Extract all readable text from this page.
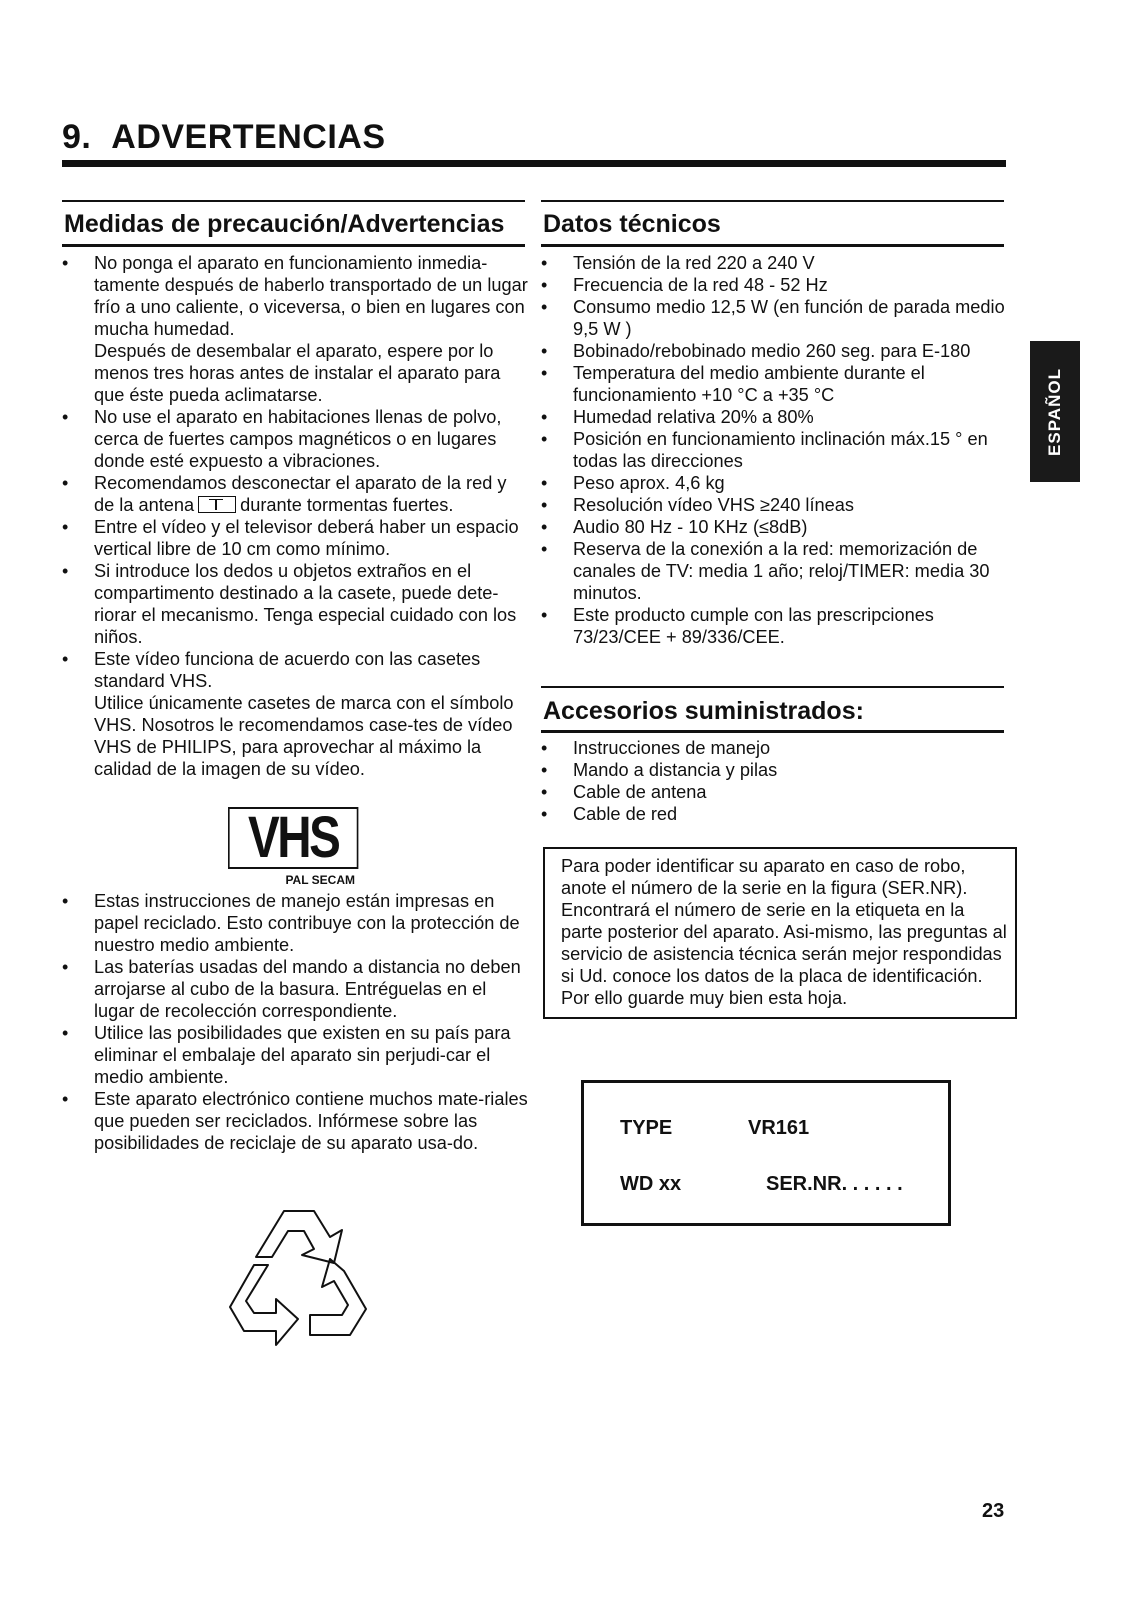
9. ADVERTENCIAS
ESPAÑOL
Medidas de precaución/Advertencias
• No ponga el aparato en funcionamiento inmedia-tamente después de haberlo transportado de un lugar frío a uno caliente, o viceversa, o bien en lugares con mucha humedad.
Después de desembalar el aparato, espere por lo menos tres horas antes de instalar el aparato para que éste pueda aclimatarse.
• No use el aparato en habitaciones llenas de polvo, cerca de fuertes campos magnéticos o en lugares donde esté expuesto a vibraciones.
• Recomendamos desconectar el aparato de la red y de la antena	durante tormentas fuertes.
• Entre el vídeo y el televisor deberá haber un espacio vertical libre de 10 cm como mínimo.
• Si introduce los dedos u objetos extraños en el compartimento destinado a la casete, puede dete-riorar el mecanismo. Tenga especial cuidado con los niños.
• Este vídeo funciona de acuerdo con las casetes standard VHS.
Utilice únicamente casetes de marca con el símbolo VHS. Nosotros le recomendamos case-tes de vídeo VHS de PHILIPS, para aprovechar al máximo la calidad de la imagen de su vídeo.
VHS
PAL SECAM
• Estas instrucciones de manejo están impresas en papel reciclado. Esto contribuye con la protección de nuestro medio ambiente.
• Las baterías usadas del mando a distancia no deben arrojarse al cubo de la basura. Entréguelas en el lugar de recolección correspondiente.
• Utilice las posibilidades que existen en su país para eliminar el embalaje del aparato sin perjudi-car el medio ambiente.
• Este aparato electrónico contiene muchos mate-riales que pueden ser reciclados. Infórmese sobre las posibilidades de reciclaje de su aparato usa-do.
Datos técnicos
• Tensión de la red 220 a 240 V
• Frecuencia de la red 48 - 52 Hz
• Consumo medio 12,5 W (en función de parada medio 9,5 W )
• Bobinado/rebobinado medio 260 seg. para E-180
• Temperatura del medio ambiente durante el funcionamiento +10 °C a +35 °C
• Humedad relativa 20% a 80%
• Posición en funcionamiento inclinación máx.15 ° en todas las direcciones
• Peso aprox. 4,6 kg
• Resolución vídeo VHS ≥240 líneas
• Audio 80 Hz - 10 KHz (≤8dB)
• Reserva de la conexión a la red: memorización de canales de TV: media 1 año; reloj/TIMER: media 30 minutos.
• Este producto cumple con las prescripciones 73/23/CEE + 89/336/CEE.
Accesorios suministrados:
• Instrucciones de manejo
• Mando a distancia y pilas
• Cable de antena
• Cable de red
Para poder identificar su aparato en caso de robo, anote el número de la serie en la figura (SER.NR). Encontrará el número de serie en la etiqueta en la parte posterior del aparato. Asi-mismo, las preguntas al servicio de asistencia técnica serán mejor respondidas si Ud. conoce los datos de la placa de identificación. Por ello guarde muy bien esta hoja.
TYPE	VR161
WD xx	SER.NR. . . . . .
23
